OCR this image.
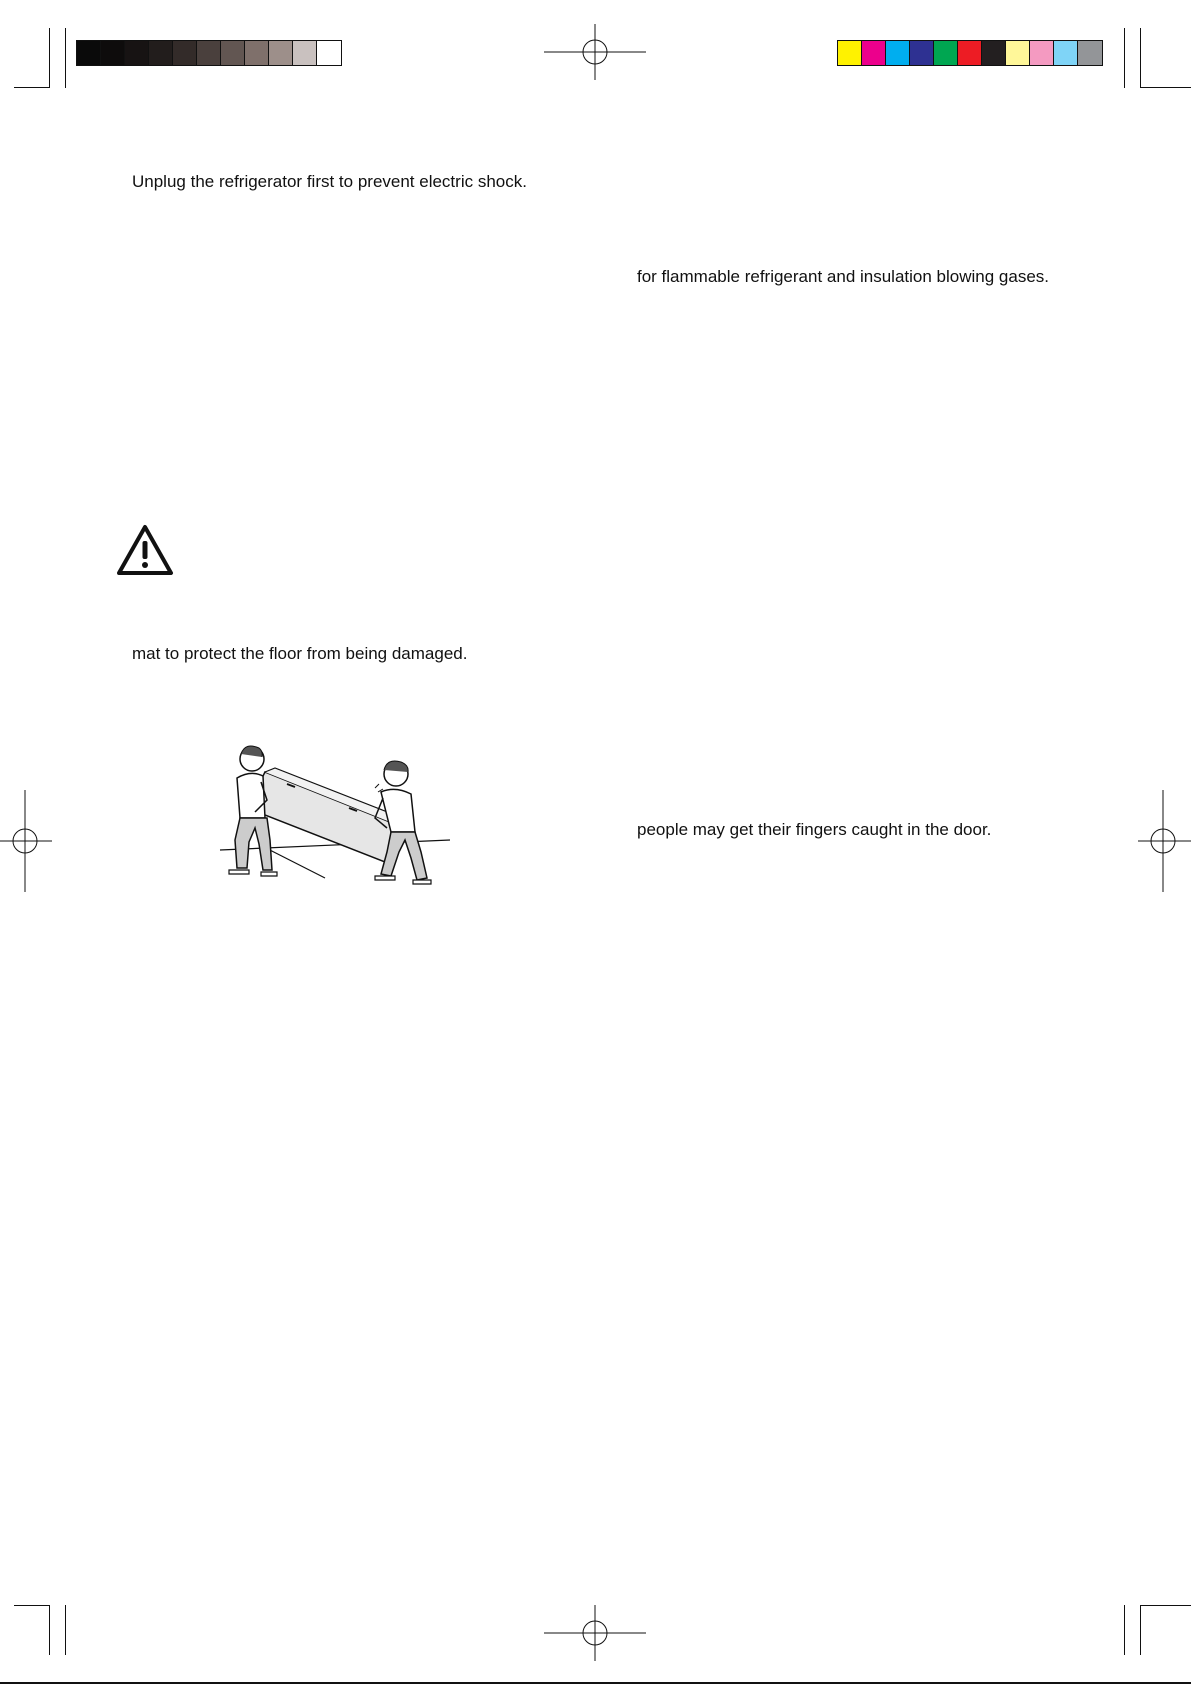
Unplug the refrigerator first to prevent electric shock.
for flammable refrigerant and insulation blowing gases.
mat to protect the floor from being damaged.
people may get their fingers caught in the door.
